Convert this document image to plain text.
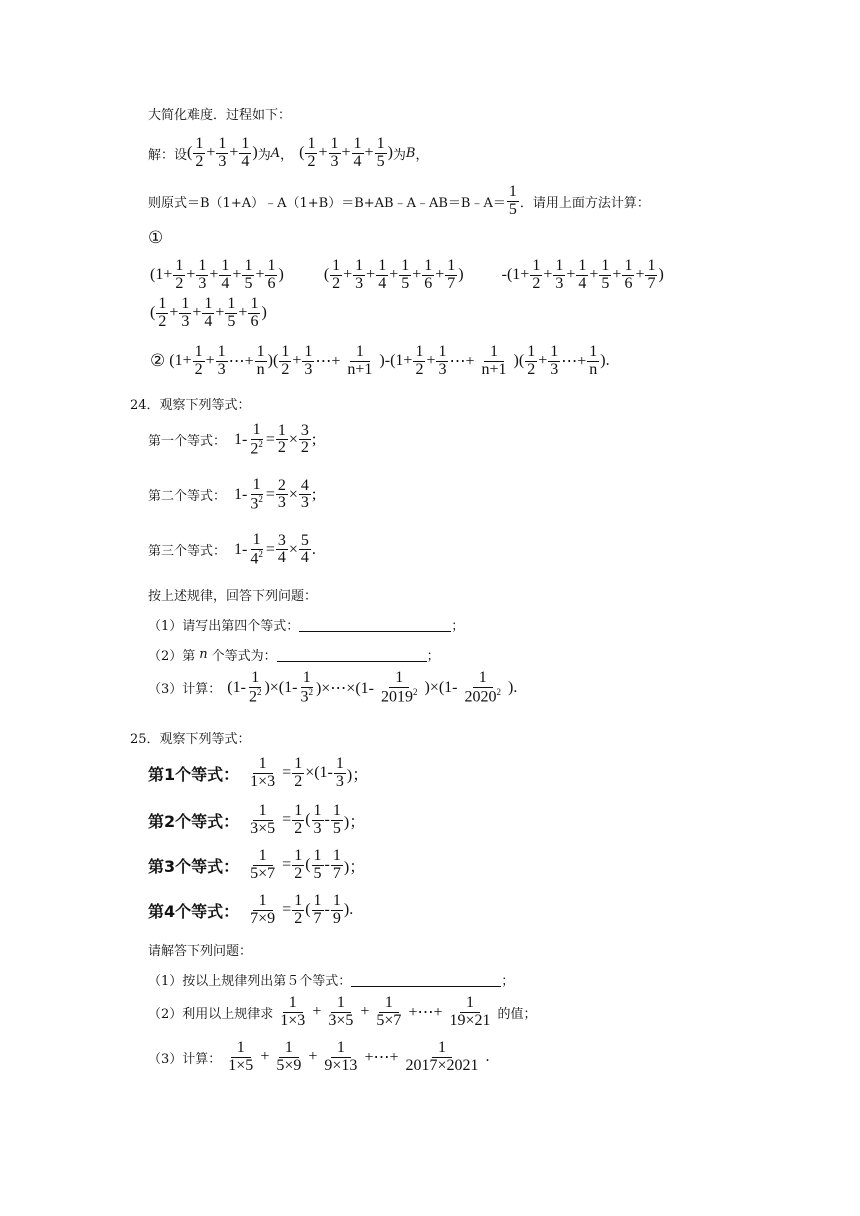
大简化难度．过程如下：
解：设 ( $\frac{1}{2} + \frac{1}{3} + \frac{1}{4}$ ) 为 A ， ( $\frac{1}{2} + \frac{1}{3} + \frac{1}{4} + \frac{1}{5}$ ) 为 B ，
则原式＝B（1+A）﹣A（1+B）＝B+AB﹣A﹣AB＝B﹣A＝ $\frac{1}{5}$ ．请用上面方法计算：
①
($1+ \frac{1}{2} + \frac{1}{3} + \frac{1}{4} + \frac{1}{5} + \frac{1}{6}$ )	( $\frac{1}{2} + \frac{1}{3} + \frac{1}{4} + \frac{1}{5} + \frac{1}{6} + \frac{1}{7}$ ) $-(1+ \frac{1}{2} + \frac{1}{3} + \frac{1}{4} + \frac{1}{5} + \frac{1}{6} + \frac{1}{7}$ )
( $\frac{1}{2} + \frac{1}{3} + \frac{1}{4} + \frac{1}{5} + \frac{1}{6}$ )
② ($1+ \frac{1}{2} + \frac{1}{3}$ ⋯+ $\frac{1}{n}$ )( $\frac{1}{2} + \frac{1}{3}$ ⋯+ $\frac{1}{n+1} )-(1+ \frac{1}{2} + \frac{1}{3}$ ⋯+ $\frac{1}{n+1}$ )( $\frac{1}{2} + \frac{1}{3}$ ⋯+ $\frac{1}{n}$ ).
24．观察下列等式：
第一个等式： $1- \frac{1}{2^2} = \frac{1}{2} \times \frac{3}{2}$ ;
第二个等式： $1- \frac{1}{3^2} = \frac{2}{3} \times \frac{4}{3}$ ;
第三个等式： $1- \frac{1}{4^2} = \frac{3}{4} \times \frac{5}{4}$ .
按上述规律，回答下列问题：
（1）请写出第四个等式：	；
（2）第 n 个等式为：	；
（3）计算： $(1- \frac{1}{2^2} )\times(1- \frac{1}{3^2}$ )×⋯×(1- $\frac{1}{2019^2} )\times(1- \frac{1}{2020^2}$ ).
25．观察下列等式：
第1个等式： $\frac{1}{1\times 3} = \frac{1}{2} \times(1- \frac{1}{3}$ )；
第2个等式： $\frac{1}{3\times 5} = \frac{1}{2}$ ( $\frac{1}{3} - \frac{1}{5}$ )；
第3个等式： $\frac{1}{5\times 7} = \frac{1}{2}$ ( $\frac{1}{5} - \frac{1}{7}$ )；
第4个等式： $\frac{1}{7\times 9} = \frac{1}{2}$ ( $\frac{1}{7} - \frac{1}{9}$ ).
请解答下列问题：
（1）按以上规律列出第５个等式：	；
（2）利用以上规律求 $\frac{1}{1\times 3} + \frac{1}{3\times 5} + \frac{1}{5\times 7}$ +⋯+ $\frac{1}{19\times 21}$ 的值；
（3）计算： $\frac{1}{1\times 5} + \frac{1}{5\times 9} + \frac{1}{9\times 13}$ +⋯+ $\frac{1}{2017\times 2021}$ .
